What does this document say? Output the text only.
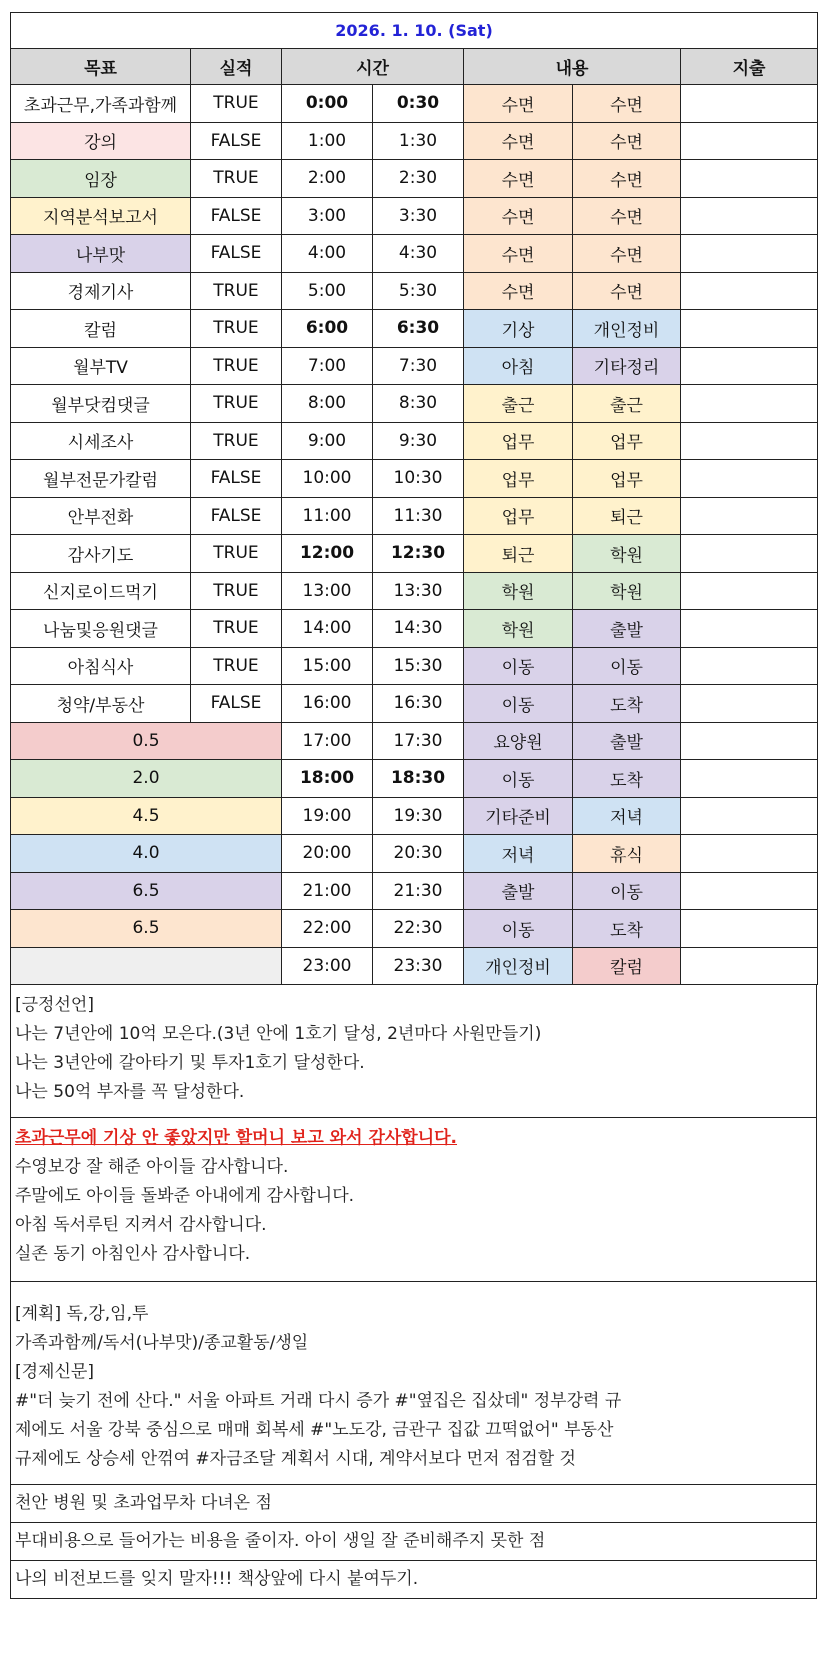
2026. 1. 10. (Sat)						
목표	실적	시간		내용		지출
초과근무,가족과함께	TRUE	0:00	0:30	수면	수면	
강의	FALSE	1:00	1:30	수면	수면	
임장	TRUE	2:00	2:30	수면	수면	
지역분석보고서	FALSE	3:00	3:30	수면	수면	
나부맛	FALSE	4:00	4:30	수면	수면	
경제기사	TRUE	5:00	5:30	수면	수면	
칼럼	TRUE	6:00	6:30	기상	개인정비	
월부TV	TRUE	7:00	7:30	아침	기타정리	
월부닷컴댓글	TRUE	8:00	8:30	출근	출근	
시세조사	TRUE	9:00	9:30	업무	업무	
월부전문가칼럼	FALSE	10:00	10:30	업무	업무	
안부전화	FALSE	11:00	11:30	업무	퇴근	
감사기도	TRUE	12:00	12:30	퇴근	학원	
신지로이드먹기	TRUE	13:00	13:30	학원	학원	
나눔및응원댓글	TRUE	14:00	14:30	학원	출발	
아침식사	TRUE	15:00	15:30	이동	이동	
청약/부동산	FALSE	16:00	16:30	이동	도착	
0.5		17:00	17:30	요양원	출발	
2.0		18:00	18:30	이동	도착	
4.5		19:00	19:30	기타준비	저녁	
4.0		20:00	20:30	저녁	휴식	
6.5		21:00	21:30	출발	이동	
6.5		22:00	22:30	이동	도착	
		23:00	23:30	개인정비	칼럼	
[긍정선언]
나는 7년안에 10억 모은다.(3년 안에 1호기 달성, 2년마다 사원만들기)
나는 3년안에 갈아타기 및 투자1호기 달성한다.
나는 50억 부자를 꼭 달성한다.
초과근무에 기상 안 좋았지만 할머니 보고 와서 감사합니다.
수영보강 잘 해준 아이들 감사합니다.
주말에도 아이들 돌봐준 아내에게 감사합니다.
아침 독서루틴 지켜서 감사합니다.
실존 동기 아침인사 감사합니다.
[계획] 독,강,임,투
가족과함께/독서(나부맛)/종교활동/생일
[경제신문]
#"더 늦기 전에 산다." 서울 아파트 거래 다시 증가 #"옆집은 집샀데" 정부강력 규
제에도 서울 강북 중심으로 매매 회복세 #"노도강, 금관구 집값 끄떡없어" 부동산
규제에도 상승세 안꺾여 #자금조달 계획서 시대, 계약서보다 먼저 점검할 것
천안 병원 및 초과업무차 다녀온 점
부대비용으로 들어가는 비용을 줄이자. 아이 생일 잘 준비해주지 못한 점
나의 비전보드를 잊지 말자!!! 책상앞에 다시 붙여두기.
